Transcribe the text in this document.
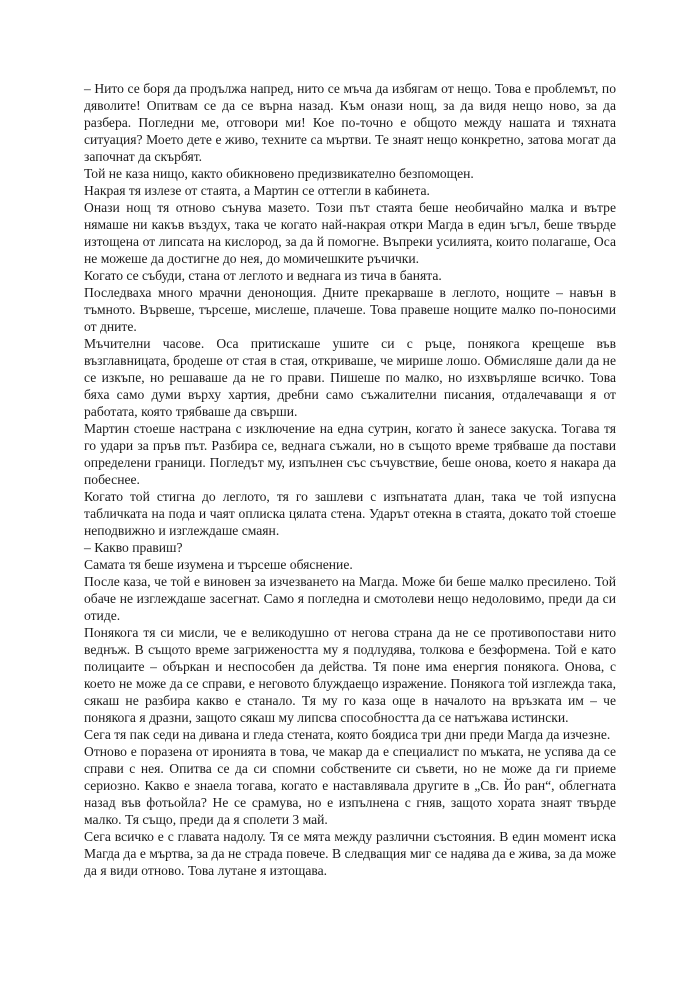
– Нито се боря да продължа напред, нито се мъча да избягам от нещо. Това е проблемът, по дяволите! Опитвам се да се върна назад. Към онази нощ, за да видя нещо ново, за да разбера. Погледни ме, отговори ми! Кое по-точно е общото между нашата и тяхната ситуация? Моето дете е живо, техните са мъртви. Те знаят нещо конкретно, затова могат да започнат да скърбят.

Той не каза нищо, както обикновено предизвикателно безпомощен.

Накрая тя излезе от стаята, а Мартин се оттегли в кабинета.

Онази нощ тя отново сънува мазето. Този път стаята беше необичайно малка и вътре нямаше ни какъв въздух, така че когато най-накрая откри Магда в един ъгъл, беше твърде изтощена от липсата на кислород, за да й помогне. Въпреки усилията, които полагаше, Оса не можеше да достигне до нея, до момичешките ръчички.

Когато се събуди, стана от леглото и веднага из тича в банята.

Последваха много мрачни денонощия. Дните прекарваше в леглото, нощите – навън в тъмното. Вървеше, търсеше, мислеше, плачеше. Това правеше нощите малко по-поносими от дните.

Мъчителни часове. Оса притискаше ушите си с ръце, понякога крещеше във възглавницата, бродеше от стая в стая, откриваше, че мирише лошо. Обмисляше дали да не се изкъпе, но решаваше да не го прави. Пишеше по малко, но изхвърляше всичко. Това бяха само думи върху хартия, дребни само съжалителни писания, отдалечаващи я от работата, която трябваше да свърши.

Мартин стоеше настрана с изключение на една сутрин, когато ѝ занесе закуска. Тогава тя го удари за пръв път. Разбира се, веднага съжали, но в същото време трябваше да постави определени граници. Погледът му, изпълнен със съчувствие, беше онова, което я накара да побеснее.

Когато той стигна до леглото, тя го зашлеви с изпънатата длан, така че той изпусна табличката на пода и чаят оплиска цялата стена. Ударът отекна в стаята, докато той стоеше неподвижно и изглеждаше смаян.

– Какво правиш?

Самата тя беше изумена и търсеше обяснение.

После каза, че той е виновен за изчезването на Магда. Може би беше малко пресилено. Той обаче не изглеждаше засегнат. Само я погледна и смотолеви нещо недоловимо, преди да си отиде.

Понякога тя си мисли, че е великодушно от негова страна да не се противопостави нито веднъж. В същото време загрижеността му я подлудява, толкова е безформена. Той е като полицаите – объркан и неспособен да действа. Тя поне има енергия понякога. Онова, с което не може да се справи, е неговото блуждаещо изражение. Понякога той изглежда така, сякаш не разбира какво е станало. Тя му го каза още в началото на връзката им – че понякога я дразни, защото сякаш му липсва способността да се натъжава истински.

Сега тя пак седи на дивана и гледа стената, която боядиса три дни преди Магда да изчезне.

Отново е поразена от иронията в това, че макар да е специалист по мъката, не успява да се справи с нея. Опитва се да си спомни собствените си съвети, но не може да ги приеме сериозно. Какво е знаела тогава, когато е наставлявала другите в „Св. Йо ран“, облегната назад във фотьойла? Не се срамува, но е изпълнена с гняв, защото хората знаят твърде малко. Тя също, преди да я сполети 3 май.

Сега всичко е с главата надолу. Тя се мята между различни състояния. В един момент иска Магда да е мъртва, за да не страда повече. В следващия миг се надява да е жива, за да може да я види отново. Това лутане я изтощава.
